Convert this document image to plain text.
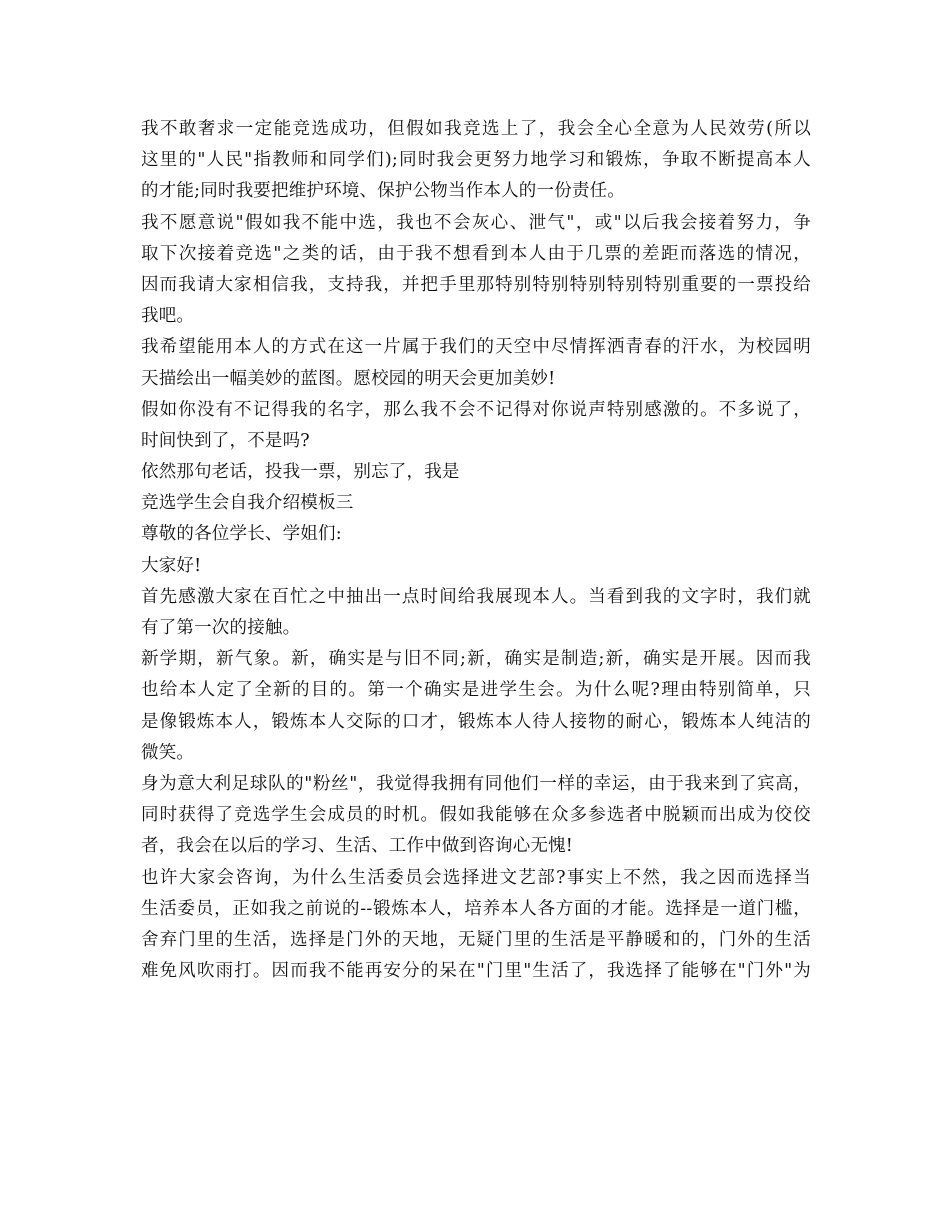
我不敢奢求一定能竞选成功，但假如我竞选上了，我会全心全意为人民效劳(所以
这里的"人民"指教师和同学们);同时我会更努力地学习和锻炼，争取不断提高本人
的才能;同时我要把维护环境、保护公物当作本人的一份责任。
我不愿意说"假如我不能中选，我也不会灰心、泄气"，或"以后我会接着努力，争
取下次接着竞选"之类的话，由于我不想看到本人由于几票的差距而落选的情况，
因而我请大家相信我，支持我，并把手里那特别特别特别特别特别重要的一票投给
我吧。
我希望能用本人的方式在这一片属于我们的天空中尽情挥洒青春的汗水，为校园明
天描绘出一幅美妙的蓝图。愿校园的明天会更加美妙!
假如你没有不记得我的名字，那么我不会不记得对你说声特别感激的。不多说了，
时间快到了，不是吗?
依然那句老话，投我一票，别忘了，我是
竞选学生会自我介绍模板三
尊敬的各位学长、学姐们:
大家好!
首先感激大家在百忙之中抽出一点时间给我展现本人。当看到我的文字时，我们就
有了第一次的接触。
新学期，新气象。新，确实是与旧不同;新，确实是制造;新，确实是开展。因而我
也给本人定了全新的目的。第一个确实是进学生会。为什么呢?理由特别简单，只
是像锻炼本人，锻炼本人交际的口才，锻炼本人待人接物的耐心，锻炼本人纯洁的
微笑。
身为意大利足球队的"粉丝"，我觉得我拥有同他们一样的幸运，由于我来到了宾高，
同时获得了竞选学生会成员的时机。假如我能够在众多参选者中脱颖而出成为佼佼
者，我会在以后的学习、生活、工作中做到咨询心无愧!
也许大家会咨询，为什么生活委员会选择进文艺部?事实上不然，我之因而选择当
生活委员，正如我之前说的--锻炼本人，培养本人各方面的才能。选择是一道门槛，
舍弃门里的生活，选择是门外的天地，无疑门里的生活是平静暖和的，门外的生活
难免风吹雨打。因而我不能再安分的呆在"门里"生活了，我选择了能够在"门外"为
